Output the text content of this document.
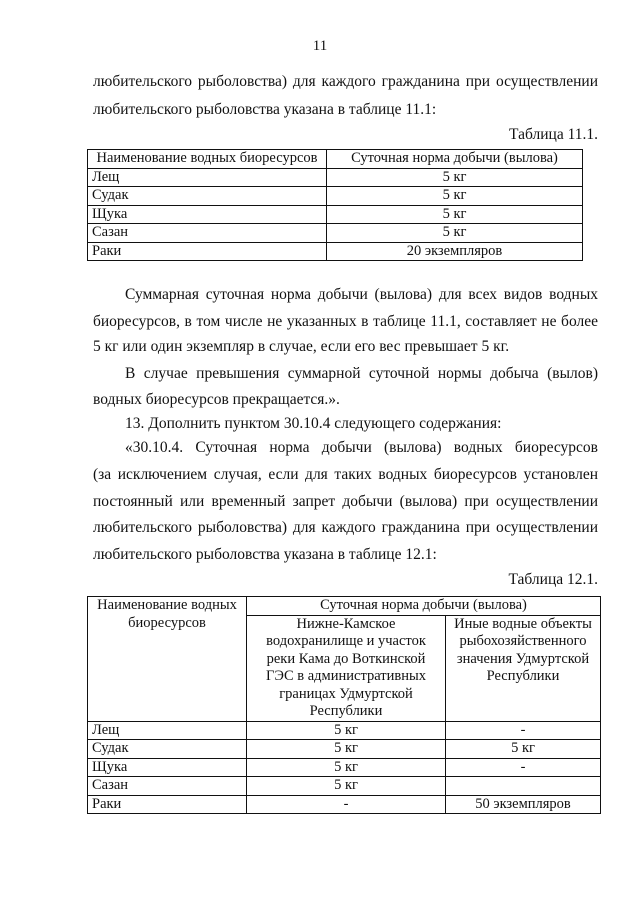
11
любительского рыболовства) для каждого гражданина при осуществлении
любительского рыболовства указана в таблице 11.1:
Таблица 11.1.
Наименование водных биоресурсов	Суточная норма добычи (вылова)
Лещ	5 кг
Судак	5 кг
Щука	5 кг
Сазан	5 кг
Раки	20 экземпляров
Суммарная суточная норма добычи (вылова) для всех видов водных
биоресурсов, в том числе не указанных в таблице 11.1, составляет не более
5 кг или один экземпляр в случае, если его вес превышает 5 кг.
В случае превышения суммарной суточной нормы добыча (вылов)
водных биоресурсов прекращается.».
13. Дополнить пунктом 30.10.4 следующего содержания:
«30.10.4. Суточная норма добычи (вылова) водных биоресурсов
(за исключением случая, если для таких водных биоресурсов установлен
постоянный или временный запрет добычи (вылова) при осуществлении
любительского рыболовства) для каждого гражданина при осуществлении
любительского рыболовства указана в таблице 12.1:
Таблица 12.1.
Наименование водных биоресурсов	Суточная норма добычи (вылова)	
	Нижне-Камское водохранилище и участок реки Кама до Воткинской ГЭС в административных границах Удмуртской Республики	Иные водные объекты рыбохозяйственного значения Удмуртской Республики
Лещ	5 кг	-
Судак	5 кг	5 кг
Щука	5 кг	-
Сазан	5 кг	
Раки	-	50 экземпляров
